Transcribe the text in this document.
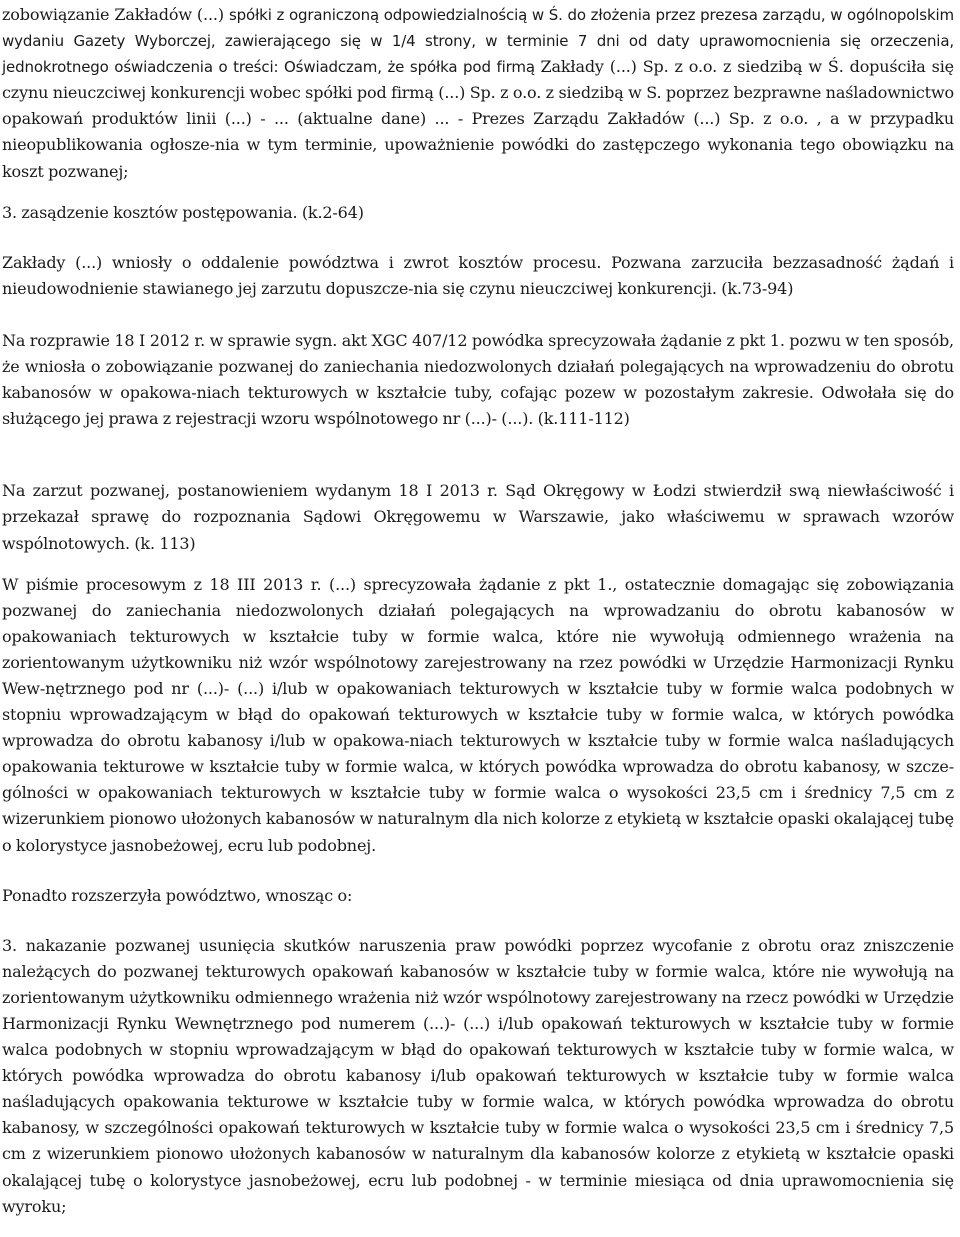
zobowiązanie Zakładów (...) spółki z ograniczoną odpowiedzialnością w Ś. do złożenia przez prezesa zarządu, w ogólnopolskim wydaniu Gazety Wyborczej, zawierającego się w 1/4 strony, w terminie 7 dni od daty uprawomocnienia się orzeczenia, jednokrotnego oświadczenia o treści: Oświadczam, że spółka pod firmą Zakłady (...) Sp. z o.o. z siedzibą w Ś. dopuściła się czynu nieuczciwej konkurencji wobec spółki pod firmą (...) Sp. z o.o. z siedzibą w S. poprzez bezprawne naśladownictwo opakowań produktów linii (...) - ... (aktualne dane) ... - Prezes Zarządu Zakładów (...) Sp. z o.o. , a w przypadku nieopublikowania ogłosze-nia w tym terminie, upoważnienie powódki do zastępczego wykonania tego obowiązku na koszt pozwanej;

3. zasądzenie kosztów postępowania. (k.2-64)

Zakłady (...) wniosły o oddalenie powództwa i zwrot kosztów procesu. Pozwana zarzuciła bezzasadność żądań i nieudowodnienie stawianego jej zarzutu dopuszcze-nia się czynu nieuczciwej konkurencji. (k.73-94)

Na rozprawie 18 I 2012 r. w sprawie sygn. akt XGC 407/12 powódka sprecyzowała żądanie z pkt 1. pozwu w ten sposób, że wniosła o zobowiązanie pozwanej do zaniechania niedozwolonych działań polegających na wprowadzeniu do obrotu kabanosów w opakowa-niach tekturowych w kształcie tuby, cofając pozew w pozostałym zakresie. Odwołała się do służącego jej prawa z rejestracji wzoru wspólnotowego nr (...)- (...). (k.111-112)

Na zarzut pozwanej, postanowieniem wydanym 18 I 2013 r. Sąd Okręgowy w Łodzi stwierdził swą niewłaściwość i przekazał sprawę do rozpoznania Sądowi Okręgowemu w Warszawie, jako właściwemu w sprawach wzorów wspólnotowych. (k. 113)

W piśmie procesowym z 18 III 2013 r. (...) sprecyzowała żądanie z pkt 1., ostatecznie domagając się zobowiązania pozwanej do zaniechania niedozwolonych działań polegających na wprowadzaniu do obrotu kabanosów w opakowaniach tekturowych w kształcie tuby w formie walca, które nie wywołują odmiennego wrażenia na zorientowanym użytkowniku niż wzór wspólnotowy zarejestrowany na rzez powódki w Urzędzie Harmonizacji Rynku Wew-nętrznego pod nr (...)- (...) i/lub w opakowaniach tekturowych w kształcie tuby w formie walca podobnych w stopniu wprowadzającym w błąd do opakowań tekturowych w kształcie tuby w formie walca, w których powódka wprowadza do obrotu kabanosy i/lub w opakowa-niach tekturowych w kształcie tuby w formie walca naśladujących opakowania tekturowe w kształcie tuby w formie walca, w których powódka wprowadza do obrotu kabanosy, w szcze-gólności w opakowaniach tekturowych w kształcie tuby w formie walca o wysokości 23,5 cm i średnicy 7,5 cm z wizerunkiem pionowo ułożonych kabanosów w naturalnym dla nich kolorze z etykietą w kształcie opaski okalającej tubę o kolorystyce jasnobeżowej, ecru lub podobnej.

Ponadto rozszerzyła powództwo, wnosząc o:

3. nakazanie pozwanej usunięcia skutków naruszenia praw powódki poprzez wycofanie z obrotu oraz zniszczenie należących do pozwanej tekturowych opakowań kabanosów w kształcie tuby w formie walca, które nie wywołują na zorientowanym użytkowniku odmiennego wrażenia niż wzór wspólnotowy zarejestrowany na rzecz powódki w Urzędzie Harmonizacji Rynku Wewnętrznego pod numerem (...)- (...) i/lub opakowań tekturowych w kształcie tuby w formie walca podobnych w stopniu wprowadzającym w błąd do opakowań tekturowych w kształcie tuby w formie walca, w których powódka wprowadza do obrotu kabanosy i/lub opakowań tekturowych w kształcie tuby w formie walca naśladujących opakowania tekturowe w kształcie tuby w formie walca, w których powódka wprowadza do obrotu kabanosy, w szczególności opakowań tekturowych w kształcie tuby w formie walca o wysokości 23,5 cm i średnicy 7,5 cm z wizerunkiem pionowo ułożonych kabanosów w naturalnym dla kabanosów kolorze z etykietą w kształcie opaski okalającej tubę o kolorystyce jasnobeżowej, ecru lub podobnej - w terminie miesiąca od dnia uprawomocnienia się wyroku;
